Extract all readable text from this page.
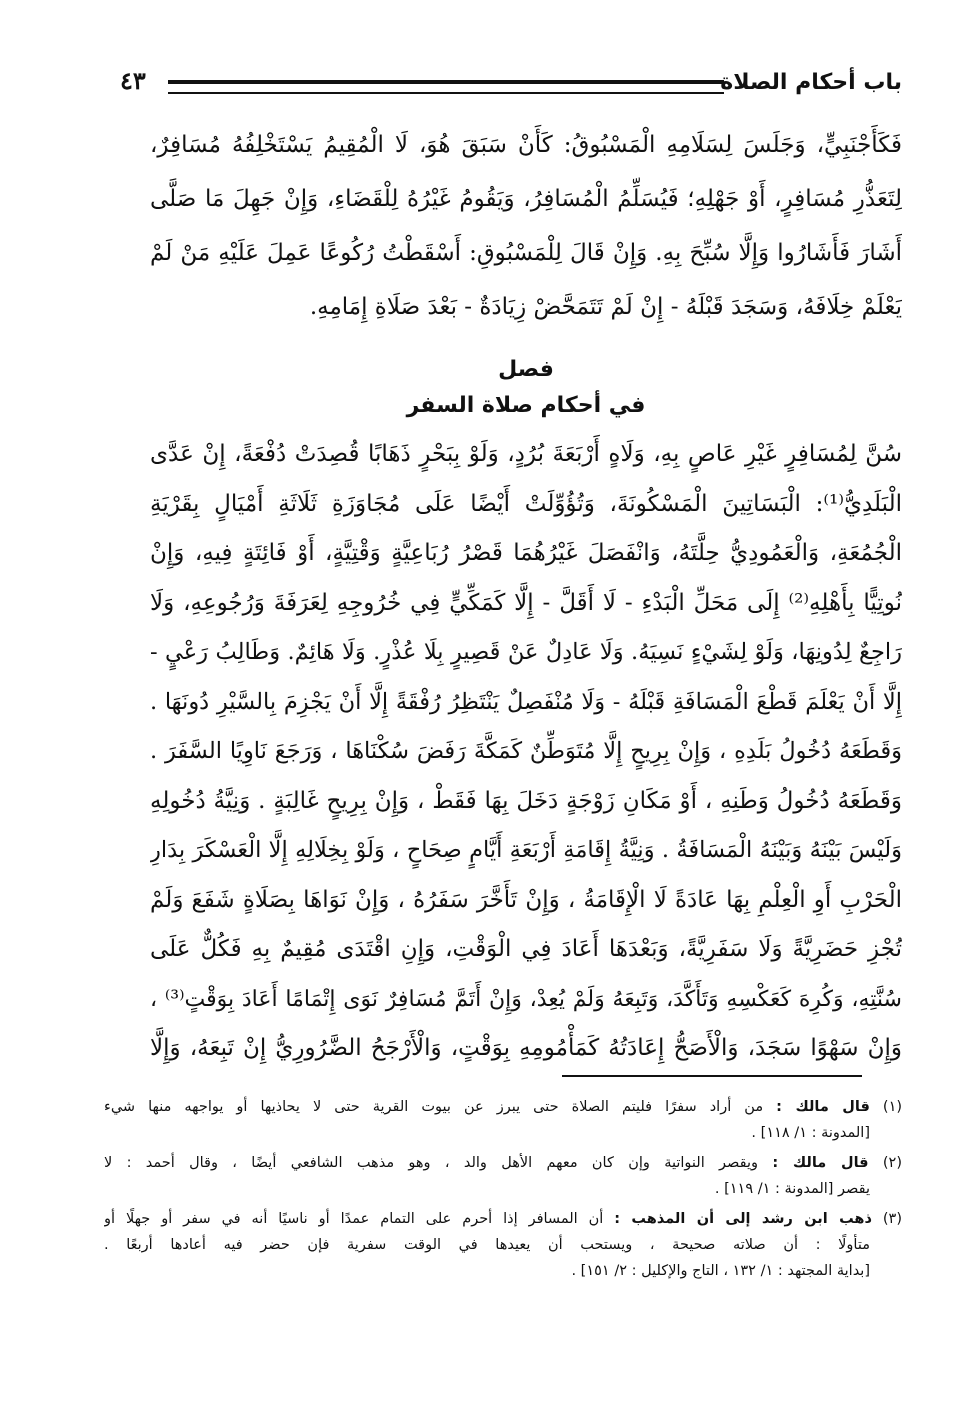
باب أحكام الصلاة
٤٣
فَكَأَجْنَبِيٍّ، وَجَلَسَ لِسَلَامِهِ الْمَسْبُوقُ: كَأَنْ سَبَقَ هُوَ، لَا الْمُقِيمُ يَسْتَخْلِفُهُ مُسَافِرٌ،
لِتَعَذُّرِ مُسَافِرٍ، أَوْ جَهْلِهِ؛ فَيُسَلِّمُ الْمُسَافِرُ، وَيَقُومُ غَيْرُهُ لِلْقَضَاءِ، وَإِنْ جَهِلَ مَا صَلَّى
أَشَارَ فَأَشَارُوا وَإِلَّا سُبِّحَ بِهِ. وَإِنْ قَالَ لِلْمَسْبُوقِ: أَسْقَطْتُ رُكُوعًا عَمِلَ عَلَيْهِ مَنْ لَمْ
يَعْلَمْ خِلَافَهُ، وَسَجَدَ قَبْلَهُ - إِنْ لَمْ تَتَمَحَّضْ زِيَادَةٌ - بَعْدَ صَلَاةِ إِمَامِهِ.
فصل
في أحكام صلاة السفر
سُنَّ لِمُسَافِرٍ غَيْرِ عَاصٍ بِهِ، وَلَاهٍ أَرْبَعَةَ بُرُدٍ، وَلَوْ بِبَحْرٍ ذَهَابًا قُصِدَتْ دُفْعَةً، إِنْ عَدَّى
الْبَلَدِيُّ⁽¹⁾: الْبَسَاتِينَ الْمَسْكُونَةَ، وَتُؤُوِّلَتْ أَيْضًا عَلَى مُجَاوَزَةِ ثَلَاثَةِ أَمْيَالٍ بِقَرْيَةِ
الْجُمُعَةِ، وَالْعَمُودِيُّ حِلَّتَهُ، وَانْفَصَلَ غَيْرُهُمَا قَصْرُ رُبَاعِيَّةٍ وَقْتِيَّةٍ، أَوْ فَائِتَةٍ فِيهِ، وَإِنْ
نُوتِيًّا بِأَهْلِهِ⁽²⁾ إِلَى مَحَلِّ الْبَدْءِ - لَا أَقَلَّ - إِلَّا كَمَكِّيٍّ فِي خُرُوجِهِ لِعَرَفَةَ وَرُجُوعِهِ، وَلَا
رَاجِعٌ لِدُونِهَا، وَلَوْ لِشَيْءٍ نَسِيَهُ. وَلَا عَادِلٌ عَنْ قَصِيرٍ بِلَا عُذْرٍ. وَلَا هَائِمٌ. وَطَالِبُ رَعْيٍ -
إِلَّا أَنْ يَعْلَمَ قَطْعَ الْمَسَافَةِ قَبْلَهُ - وَلَا مُنْفَصِلٌ يَنْتَظِرُ رُفْقَةً إِلَّا أَنْ يَجْزِمَ بِالسَّيْرِ دُونَهَا .
وَقَطَعَهُ دُخُولُ بَلَدِهِ ، وَإِنْ بِرِيحٍ إِلَّا مُتَوَطِّنٌ كَمَكَّةَ رَفَضَ سُكْنَاهَا ، وَرَجَعَ نَاوِيًا السَّفَرَ .
وَقَطَعَهُ دُخُولُ وَطَنِهِ ، أَوْ مَكَانِ زَوْجَةٍ دَخَلَ بِهَا فَقَطْ ، وَإِنْ بِرِيحٍ غَالِبَةٍ . وَنِيَّةُ دُخُولِهِ
وَلَيْسَ بَيْنَهُ وَبَيْنَهُ الْمَسَافَةُ . وَنِيَّةُ إِقَامَةِ أَرْبَعَةِ أَيَّامٍ صِحَاحٍ ، وَلَوْ بِخِلَالِهِ إِلَّا الْعَسْكَرَ بِدَارِ
الْحَرْبِ أَوِ الْعِلْمِ بِهَا عَادَةً لَا الْإِقَامَةُ ، وَإِنْ تَأَخَّرَ سَفَرُهُ ، وَإِنْ نَوَاهَا بِصَلَاةٍ شَفَعَ وَلَمْ
تُجْزِ حَضَرِيَّةً وَلَا سَفَرِيَّةً، وَبَعْدَهَا أَعَادَ فِي الْوَقْتِ، وَإِنِ اقْتَدَى مُقِيمٌ بِهِ فَكُلٌّ عَلَى
سُنَّتِهِ، وَكُرِهَ كَعَكْسِهِ وَتَأَكَّدَ، وَتَبِعَهُ وَلَمْ يُعِدْ، وَإِنْ أَتَمَّ مُسَافِرٌ نَوَى إِتْمَامًا أَعَادَ بِوَقْتٍ⁽³⁾ ،
وَإِنْ سَهْوًا سَجَدَ، وَالْأَصَحُّ إِعَادَتُهُ كَمَأْمُومِهِ بِوَقْتٍ، وَالْأَرْجَحُ الضَّرُورِيُّ إِنْ تَبِعَهُ، وَإِلَّا
(١) قال مالك : من أراد سفرًا فليتم الصلاة حتى يبرز عن بيوت القرية حتى لا يحاذيها أو يواجهه منها شيء
[المدونة : ١/ ١١٨] .
(٢) قال مالك : ويقصر النواتية وإن كان معهم الأهل والد ، وهو مذهب الشافعي أيضًا ، وقال أحمد : لا
يقصر [المدونة : ١/ ١١٩] .
(٣) ذهب ابن رشد إلى أن المذهب : أن المسافر إذا أحرم على التمام عمدًا أو ناسيًا أنه في سفر أو جهلًا أو
متأولًا : أن صلاته صحيحة ، ويستحب أن يعيدها في الوقت سفرية فإن حضر فيه أعادها أربعًا .
[بداية المجتهد : ١/ ١٣٢ ، التاج والإكليل : ٢/ ١٥١] .
